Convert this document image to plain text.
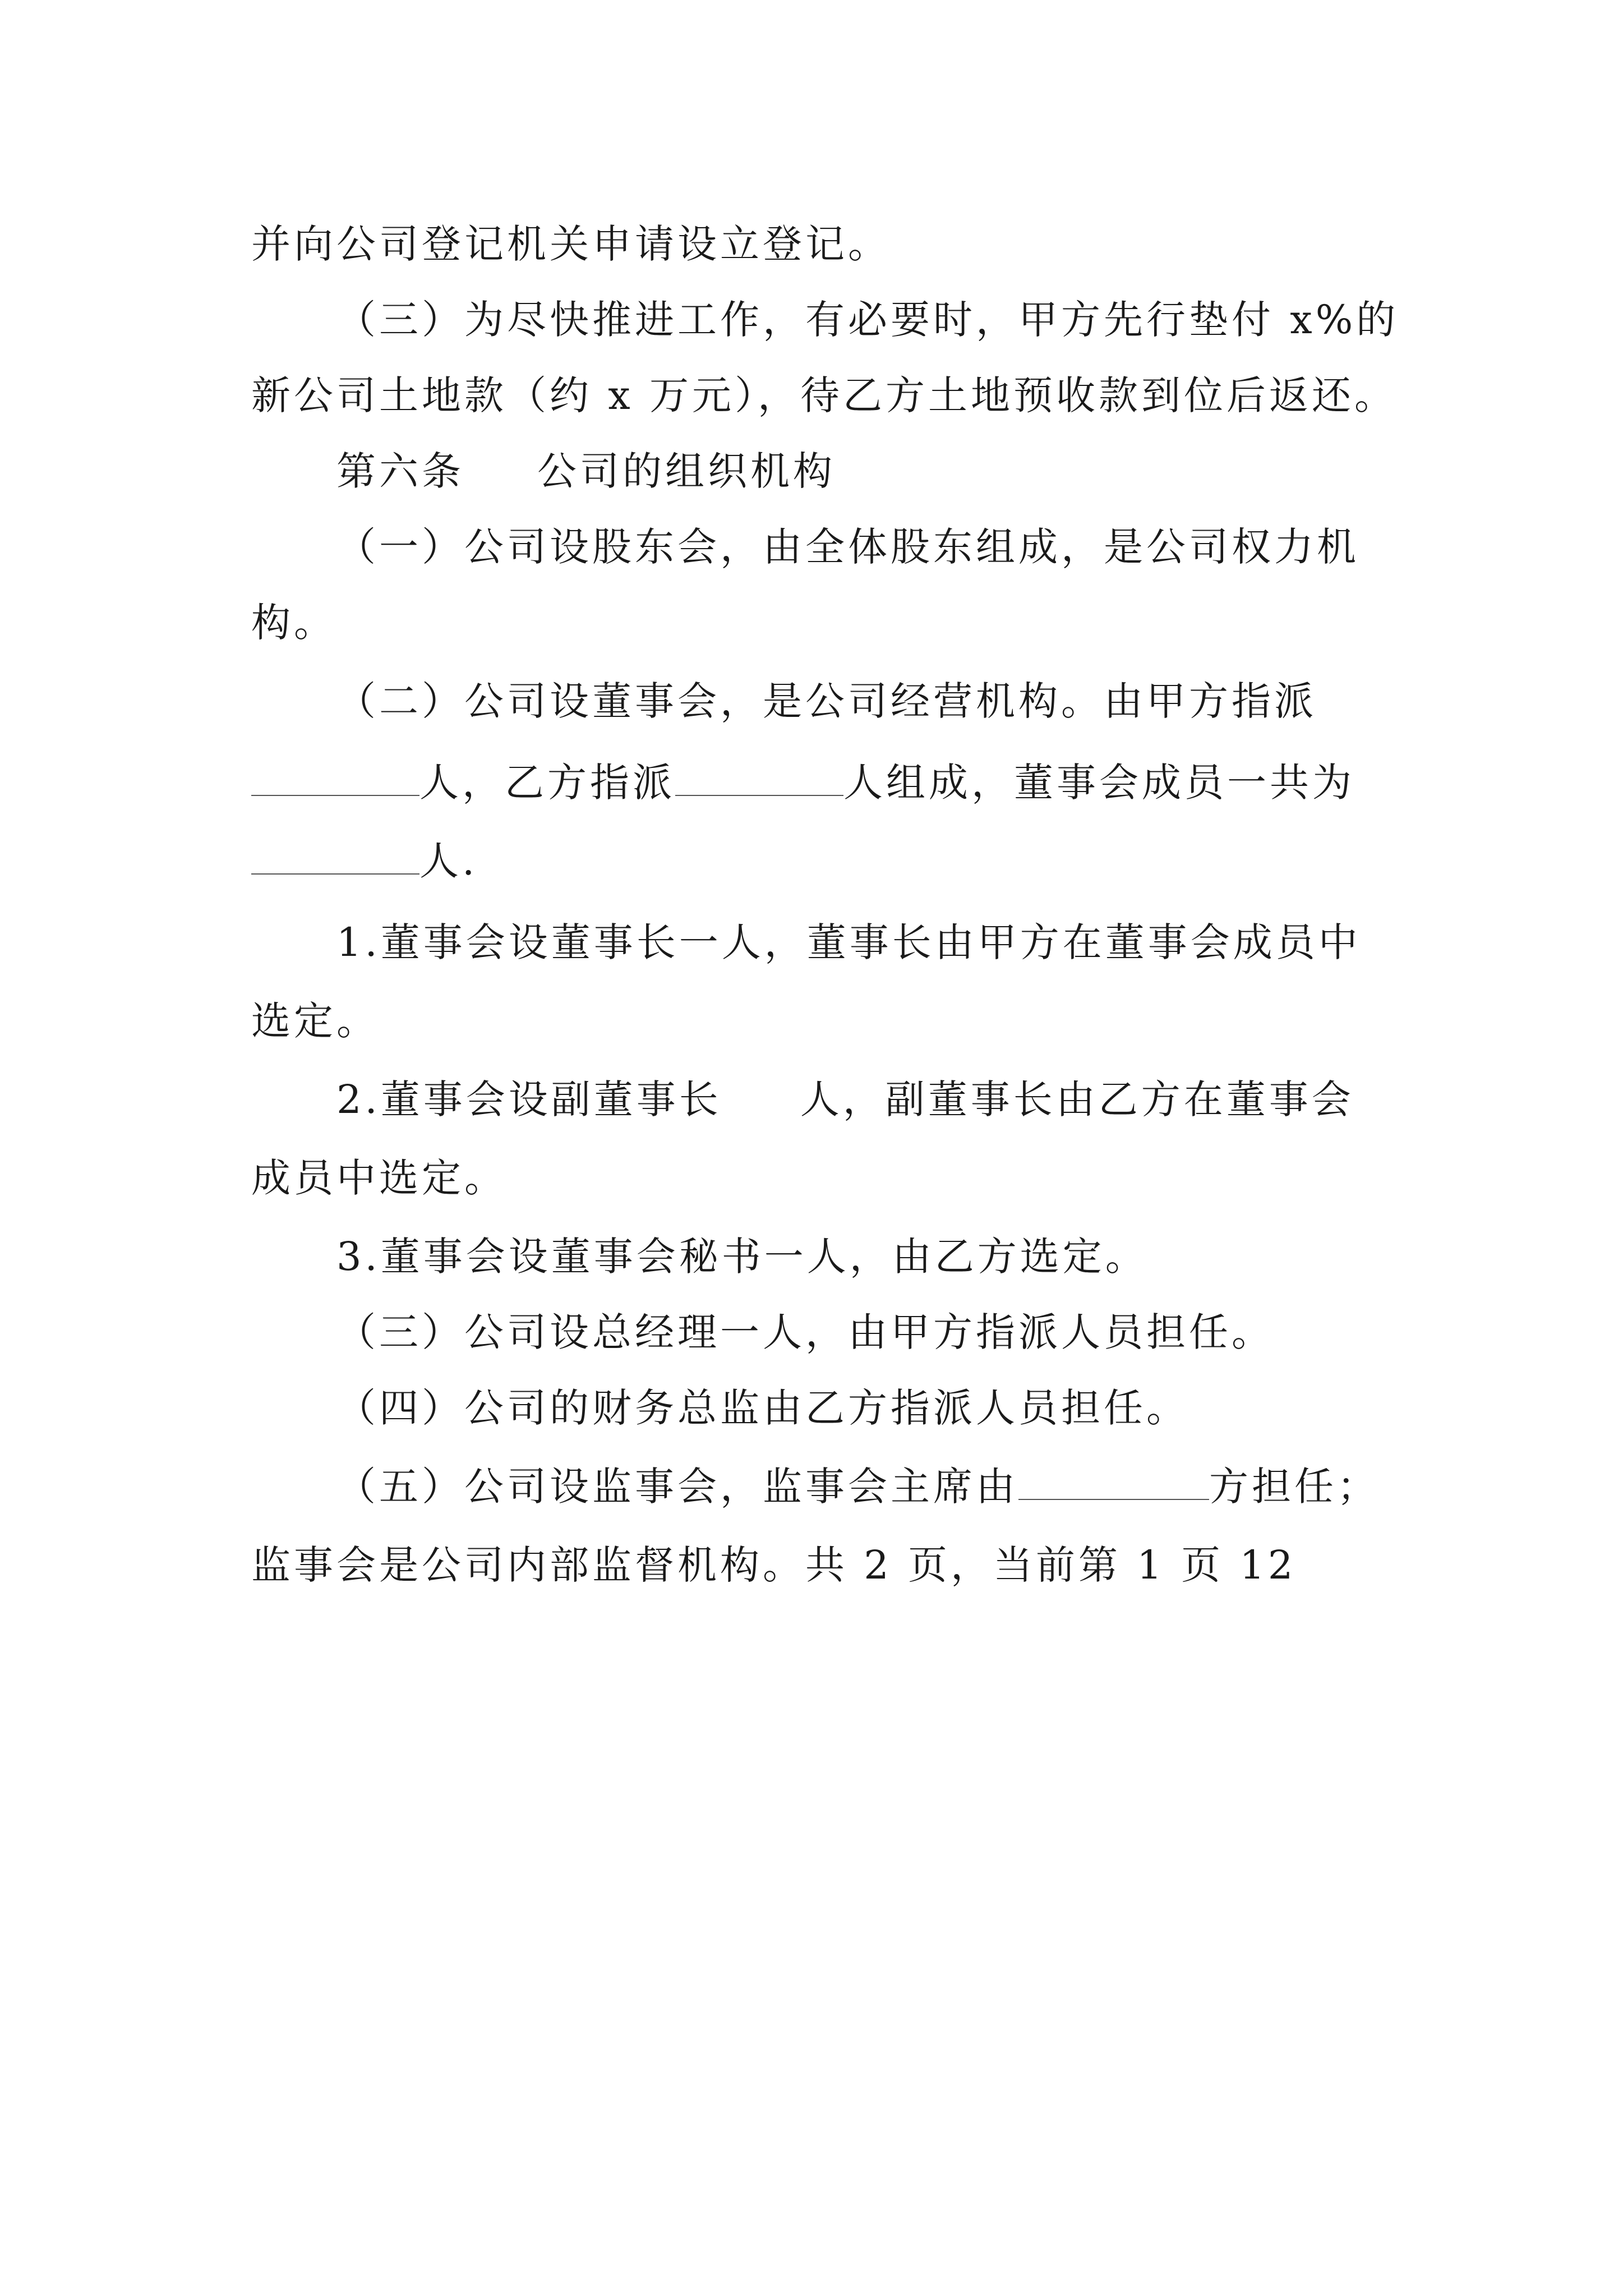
并向公司登记机关申请设立登记。
（三）为尽快推进工作，有必要时，甲方先行垫付 x%的
新公司土地款（约 x 万元），待乙方土地预收款到位后返还。
第六条 公司的组织机构
（一）公司设股东会，由全体股东组成，是公司权力机
构。
（二）公司设董事会，是公司经营机构。由甲方指派
人，乙方指派	人组成，董事会成员一共为
人.
1.董事会设董事长一人，董事长由甲方在董事会成员中
选定。
2.董事会设副董事长 人，副董事长由乙方在董事会
成员中选定。
3.董事会设董事会秘书一人，由乙方选定。
（三）公司设总经理一人，由甲方指派人员担任。
（四）公司的财务总监由乙方指派人员担任。
（五）公司设监事会，监事会主席由	方担任；
监事会是公司内部监督机构。共 2 页，当前第 1 页 12
